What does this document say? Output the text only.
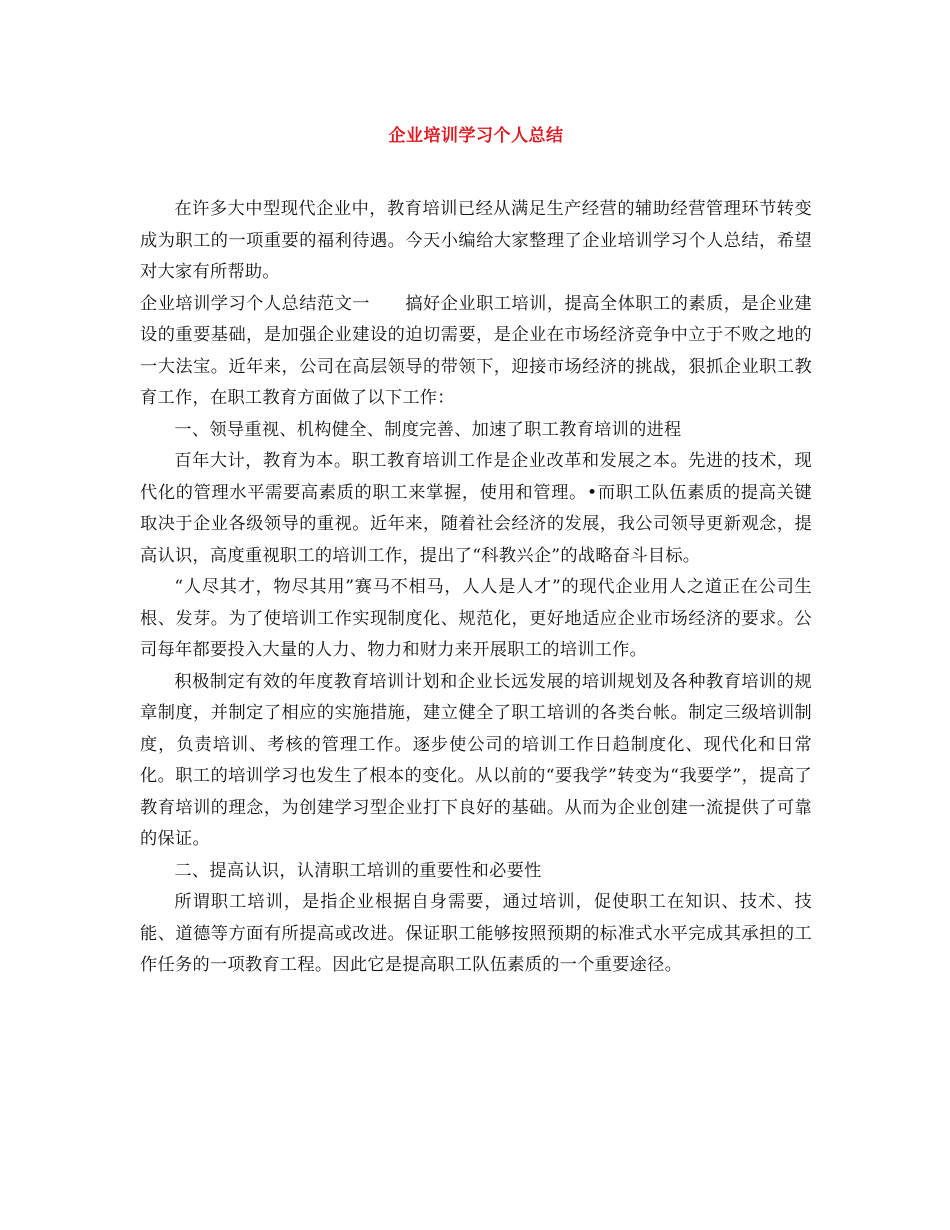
企业培训学习个人总结

在许多大中型现代企业中，教育培训已经从满足生产经营的辅助经营管理环节转变成为职工的一项重要的福利待遇。今天小编给大家整理了企业培训学习个人总结，希望对大家有所帮助。

企业培训学习个人总结范文一　　搞好企业职工培训，提高全体职工的素质，是企业建设的重要基础，是加强企业建设的迫切需要，是企业在市场经济竞争中立于不败之地的一大法宝。近年来，公司在高层领导的带领下，迎接市场经济的挑战，狠抓企业职工教育工作，在职工教育方面做了以下工作：

一、领导重视、机构健全、制度完善、加速了职工教育培训的进程

百年大计，教育为本。职工教育培训工作是企业改革和发展之本。先进的技术，现代化的管理水平需要高素质的职工来掌握，使用和管理。•而职工队伍素质的提高关键取决于企业各级领导的重视。近年来，随着社会经济的发展，我公司领导更新观念，提高认识，高度重视职工的培训工作，提出了“科教兴企”的战略奋斗目标。

“人尽其才，物尽其用”赛马不相马，人人是人才”的现代企业用人之道正在公司生根、发芽。为了使培训工作实现制度化、规范化，更好地适应企业市场经济的要求。公司每年都要投入大量的人力、物力和财力来开展职工的培训工作。

积极制定有效的年度教育培训计划和企业长远发展的培训规划及各种教育培训的规章制度，并制定了相应的实施措施，建立健全了职工培训的各类台帐。制定三级培训制度，负责培训、考核的管理工作。逐步使公司的培训工作日趋制度化、现代化和日常化。职工的培训学习也发生了根本的变化。从以前的“要我学”转变为“我要学”，提高了教育培训的理念，为创建学习型企业打下良好的基础。从而为企业创建一流提供了可靠的保证。

二、提高认识，认清职工培训的重要性和必要性

所谓职工培训，是指企业根据自身需要，通过培训，促使职工在知识、技术、技能、道德等方面有所提高或改进。保证职工能够按照预期的标准式水平完成其承担的工作任务的一项教育工程。因此它是提高职工队伍素质的一个重要途径。
